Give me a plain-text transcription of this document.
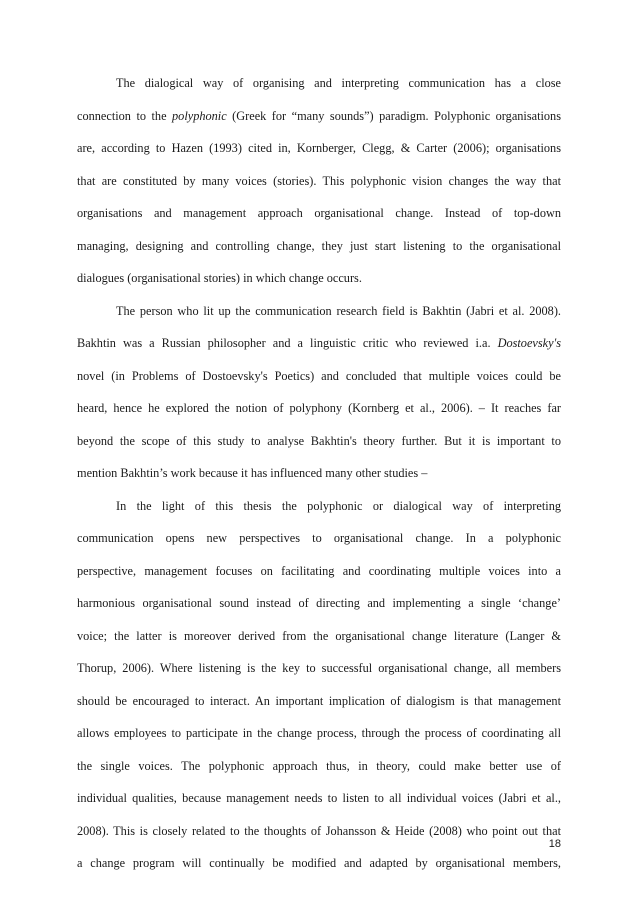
The dialogical way of organising and interpreting communication has a close
connection to the polyphonic (Greek for “many sounds”) paradigm. Polyphonic organisations
are, according to Hazen (1993) cited in, Kornberger, Clegg, & Carter (2006); organisations
that are constituted by many voices (stories). This polyphonic vision changes the way that
organisations and management approach organisational change. Instead of top-down
managing, designing and controlling change, they just start listening to the organisational
dialogues (organisational stories) in which change occurs.
The person who lit up the communication research field is Bakhtin (Jabri et al. 2008).
Bakhtin was a Russian philosopher and a linguistic critic who reviewed i.a. Dostoevsky's
novel (in Problems of Dostoevsky's Poetics) and concluded that multiple voices could be
heard, hence he explored the notion of polyphony (Kornberg et al., 2006). – It reaches far
beyond the scope of this study to analyse Bakhtin's theory further. But it is important to
mention Bakhtin’s work because it has influenced many other studies –
In the light of this thesis the polyphonic or dialogical way of interpreting
communication opens new perspectives to organisational change. In a polyphonic
perspective, management focuses on facilitating and coordinating multiple voices into a
harmonious organisational sound instead of directing and implementing a single ‘change’
voice; the latter is moreover derived from the organisational change literature (Langer &
Thorup, 2006). Where listening is the key to successful organisational change, all members
should be encouraged to interact. An important implication of dialogism is that management
allows employees to participate in the change process, through the process of coordinating all
the single voices. The polyphonic approach thus, in theory, could make better use of
individual qualities, because management needs to listen to all individual voices (Jabri et al.,
2008). This is closely related to the thoughts of Johansson & Heide (2008) who point out that
a change program will continually be modified and adapted by organisational members,
18
